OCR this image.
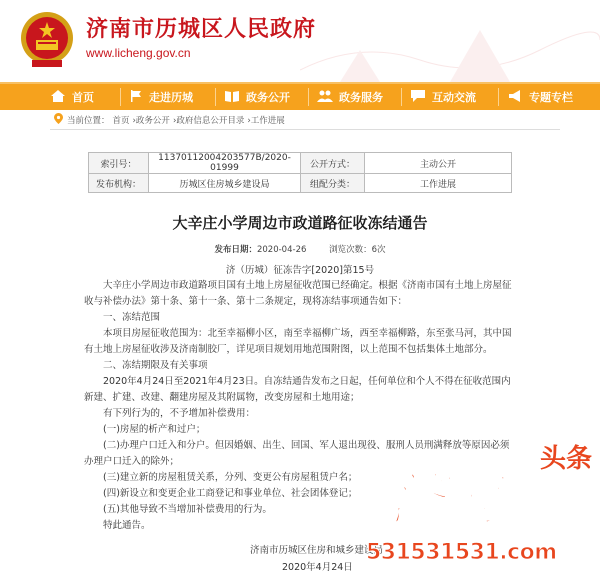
济南市历城区人民政府
www.licheng.gov.cn
首页	走进历城	政务公开	政务服务	互动交流	专题专栏
当前位置： 首页 ›政务公开 ›政府信息公开目录 ›工作进展
索引号：	11370112004203577B/2020-01999	公开方式：	主动公开
发布机构：	历城区住房城乡建设局	组配分类：	工作进展
大辛庄小学周边市政道路征收冻结通告
发布日期：2020-04-26	浏览次数：6次
济（历城）征冻告字[2020]第15号

大辛庄小学周边市政道路项目国有土地上房屋征收范围已经确定。根据《济南市国有土地上房屋征收与补偿办法》第十条、第十一条、第十二条规定，现将冻结事项通告如下：

一、冻结范围

本项目房屋征收范围为：北至幸福柳小区，南至幸福柳广场，西至幸福柳路，东至张马河，其中国有土地上房屋征收涉及济南制胶厂，详见项目规划用地范围附图，以上范围不包括集体土地部分。

二、冻结期限及有关事项

2020年4月24日至2021年4月23日。自冻结通告发布之日起，任何单位和个人不得在征收范围内新建、扩建、改建、翻建房屋及其附属物，改变房屋和土地用途；

有下列行为的，不予增加补偿费用：

(一)房屋的析产和过户；

(二)办理户口迁入和分户。但因婚姻、出生、回国、军人退出现役、服刑人员刑满释放等原因必须办理户口迁入的除外；

(三)建立新的房屋租赁关系，分列、变更公有房屋租赁户名；

(四)新设立和变更企业工商登记和事业单位、社会团体登记；

(五)其他导致不当增加补偿费用的行为。

特此通告。

济南市历城区住房和城乡建设局
2020年4月24日
济南
头条
531531531.com
